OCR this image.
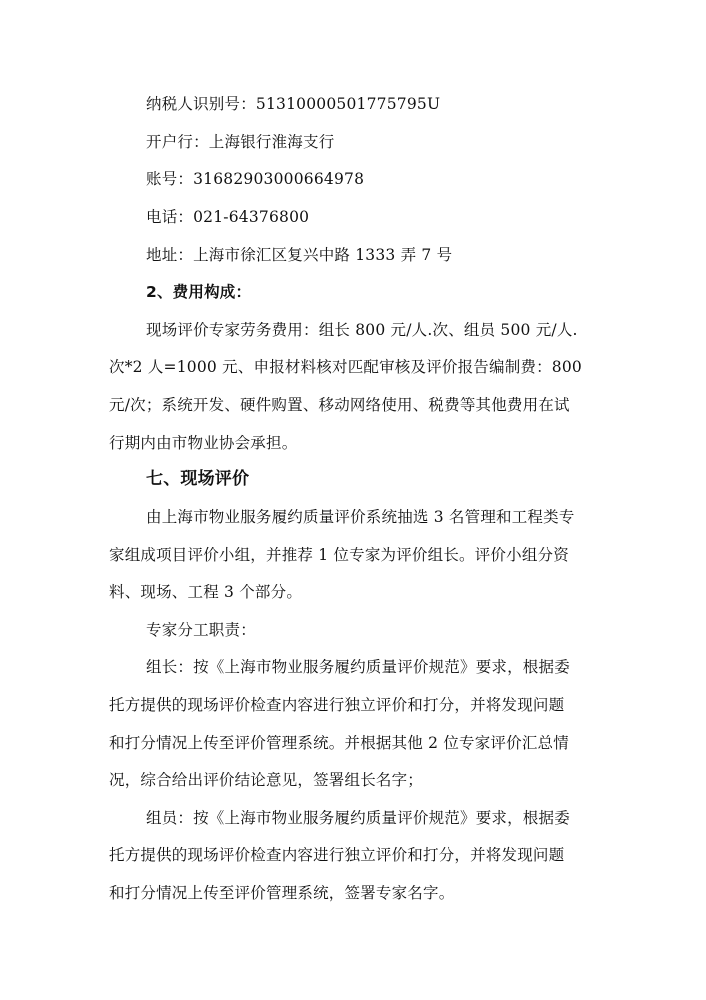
纳税人识别号：51310000501775795U
开户行：上海银行淮海支行
账号：31682903000664978
电话：021-64376800
地址：上海市徐汇区复兴中路 1333 弄 7 号
2、费用构成：
现场评价专家劳务费用：组长 800 元/人.次、组员 500 元/人.
次*2 人=1000 元、申报材料核对匹配审核及评价报告编制费：800
元/次；系统开发、硬件购置、移动网络使用、税费等其他费用在试
行期内由市物业协会承担。
七、现场评价
由上海市物业服务履约质量评价系统抽选 3 名管理和工程类专
家组成项目评价小组，并推荐 1 位专家为评价组长。评价小组分资
料、现场、工程 3 个部分。
专家分工职责：
组长：按《上海市物业服务履约质量评价规范》要求，根据委
托方提供的现场评价检查内容进行独立评价和打分，并将发现问题
和打分情况上传至评价管理系统。并根据其他 2 位专家评价汇总情
况，综合给出评价结论意见，签署组长名字；
组员：按《上海市物业服务履约质量评价规范》要求，根据委
托方提供的现场评价检查内容进行独立评价和打分，并将发现问题
和打分情况上传至评价管理系统，签署专家名字。
